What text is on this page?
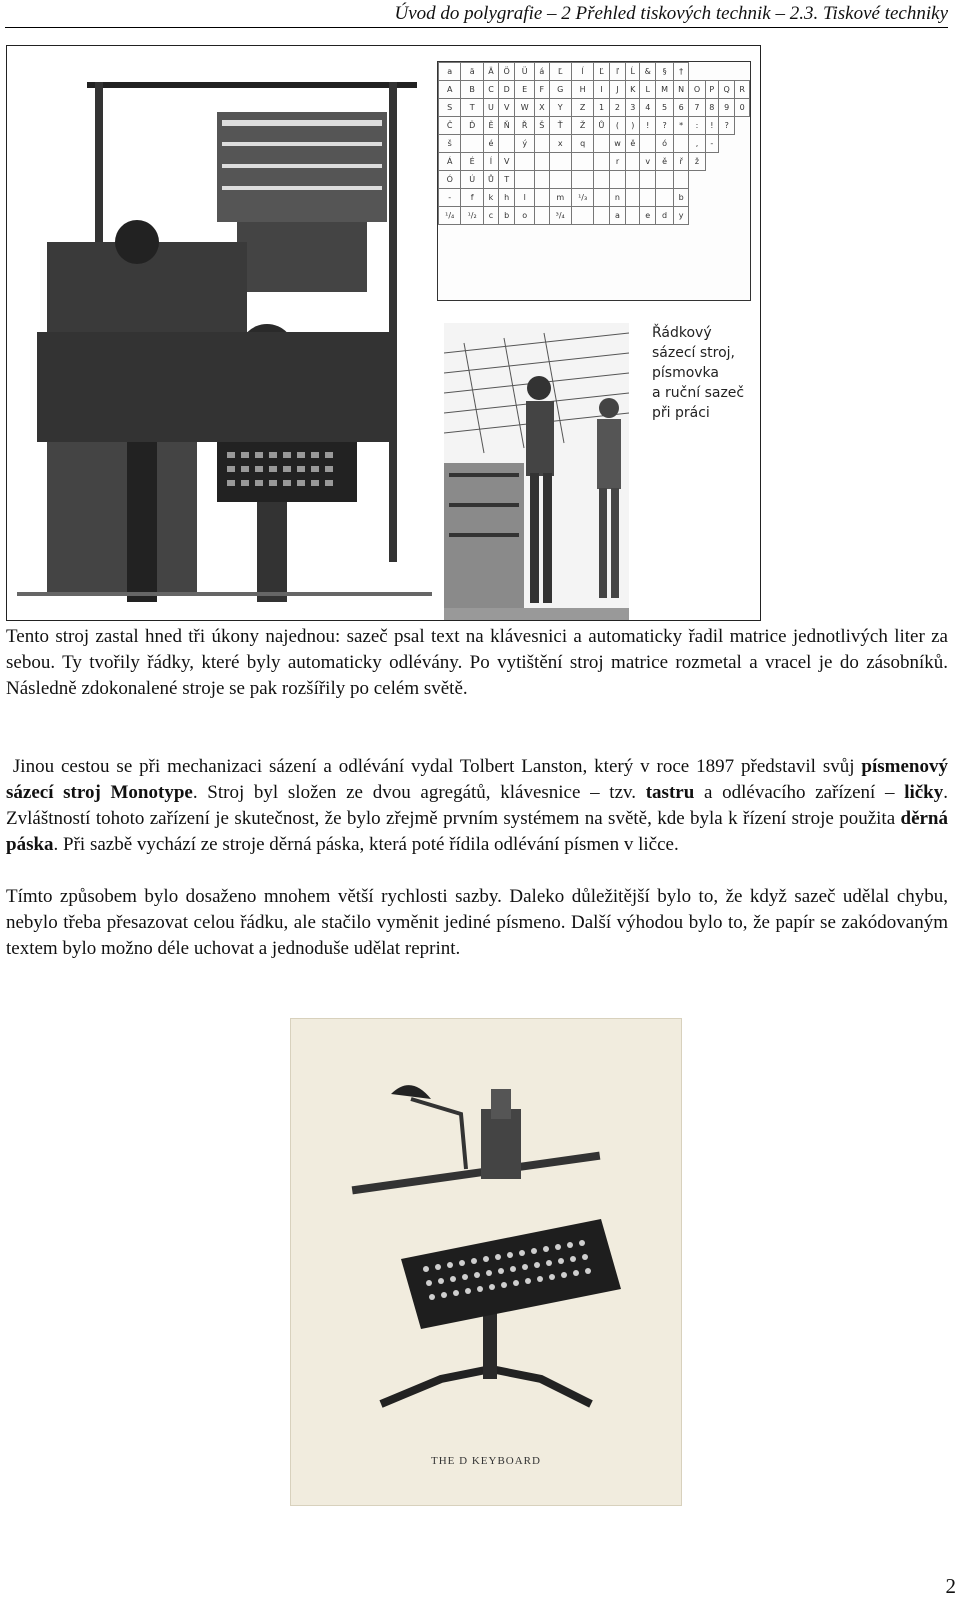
Úvod do polygrafie – 2 Přehled tiskových technik – 2.3. Tiskové techniky
a	ä	Ä	Ö	Ü	á	Ľ	ĺ	Ľ	ľ	Ĺ	&	§	†				
A	B	C	D	E	F	G	H	I	J	K	L	M	N	O	P	Q	R
S	T	U	V	W	X	Y	Z	1	2	3	4	5	6	7	8	9	0
Č	Ď	Ě	Ň	Ř	Š	Ť	Ž	Ů	(	)	!	?	*	:	!	?	
š		é		ý		x	q		w	ě		ó		,	-		
Á	É	Í	V						r		v	ě	ř	ž			
Ó	Ú	Ů	T														
-	f	k	h	l		m	¹/₃		n				b				
¹/₄	¹/₂	c	b	o		³/₄			a		e	d	y				
Řádkový
sázecí stroj,
písmovka
a ruční sazeč
při práci
Tento stroj zastal hned tři úkony najednou: sazeč psal text na klávesnici a automaticky řadil matrice jednotlivých liter za sebou. Ty tvořily řádky, které byly automaticky odlévány. Po vytištění stroj matrice rozmetal a vracel je do zásobníků. Následně zdokonalené stroje se pak rozšířily po celém světě.
Jinou cestou se při mechanizaci sázení a odlévání vydal Tolbert Lanston, který v roce 1897 představil svůj písmenový sázecí stroj Monotype. Stroj byl složen ze dvou agregátů, klávesnice – tzv. tastru a odlévacího zařízení – ličky. Zvláštností tohoto zařízení je skutečnost, že bylo zřejmě prvním systémem na světě, kde byla k řízení stroje použita děrná páska. Při sazbě vychází ze stroje děrná páska, která poté řídila odlévání písmen v ličce.
Tímto způsobem bylo dosaženo mnohem větší rychlosti sazby. Daleko důležitější bylo to, že když sazeč udělal chybu, nebylo třeba přesazovat celou řádku, ale stačilo vyměnit jediné písmeno. Další výhodou bylo to, že papír se zakódovaným textem bylo možno déle uchovat a jednoduše udělat reprint.
THE D KEYBOARD
2
